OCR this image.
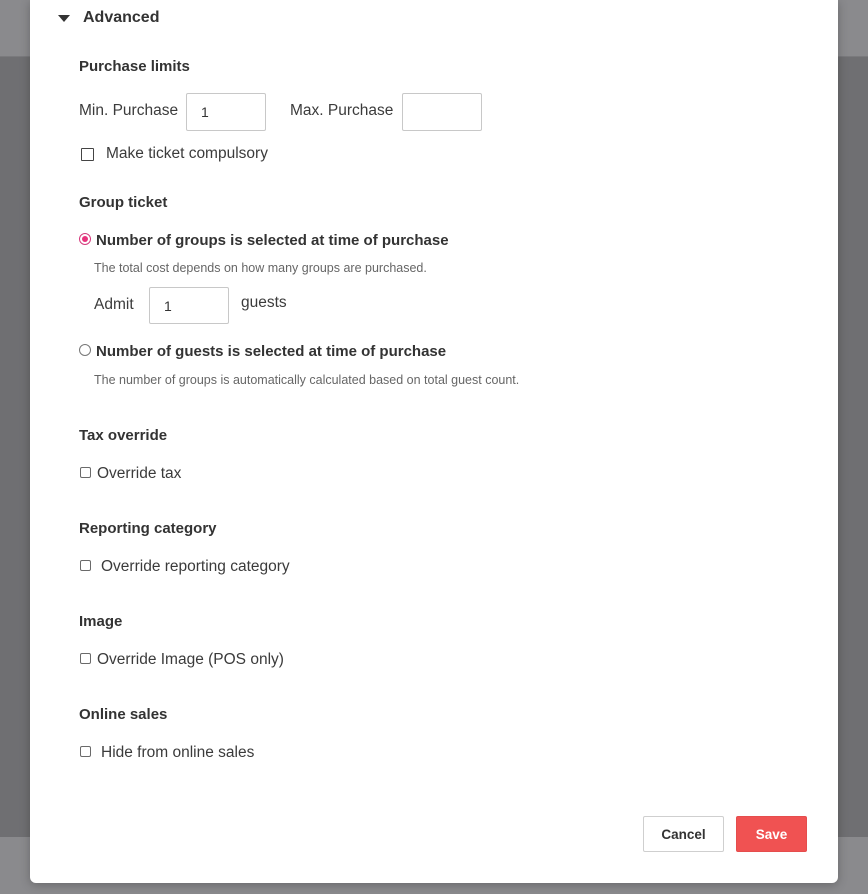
Advanced
Purchase limits
Min. Purchase
1	Max. Purchase
Make ticket compulsory
Group ticket
Number of groups is selected at time of purchase
The total cost depends on how many groups are purchased.
Admit
1	guests
Number of guests is selected at time of purchase
The number of groups is automatically calculated based on total guest count.
Tax override
Override tax
Reporting category
Override reporting category
Image
Override Image (POS only)
Online sales
Hide from online sales
Cancel	Save
